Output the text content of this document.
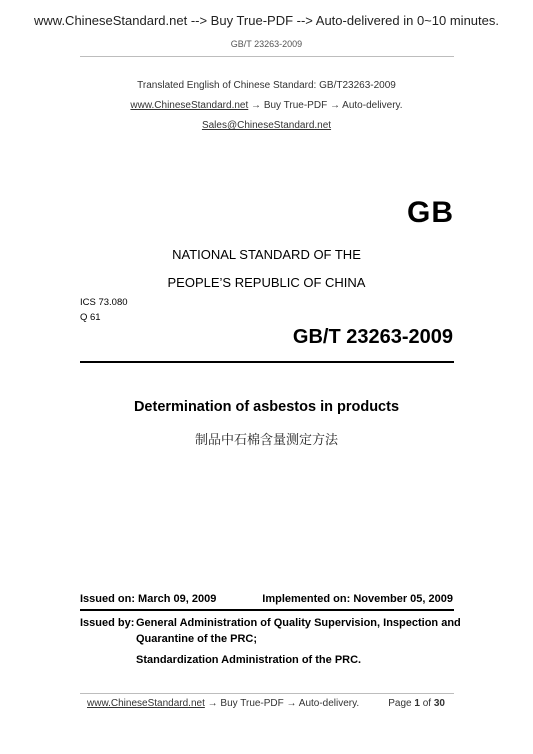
www.ChineseStandard.net --> Buy True-PDF --> Auto-delivered in 0~10 minutes.
GB/T 23263-2009
Translated English of Chinese Standard: GB/T23263-2009
www.ChineseStandard.net → Buy True-PDF → Auto-delivery.
Sales@ChineseStandard.net
GB
NATIONAL STANDARD OF THE
PEOPLE’S REPUBLIC OF CHINA
ICS 73.080
Q 61
GB/T 23263-2009
Determination of asbestos in products
制品中石棉含量测定方法
Issued on: March 09, 2009	Implemented on: November 05, 2009
Issued by: General Administration of Quality Supervision, Inspection and
Quarantine of the PRC;
Standardization Administration of the PRC.
www.ChineseStandard.net → Buy True-PDF → Auto-delivery.	Page 1 of 30
